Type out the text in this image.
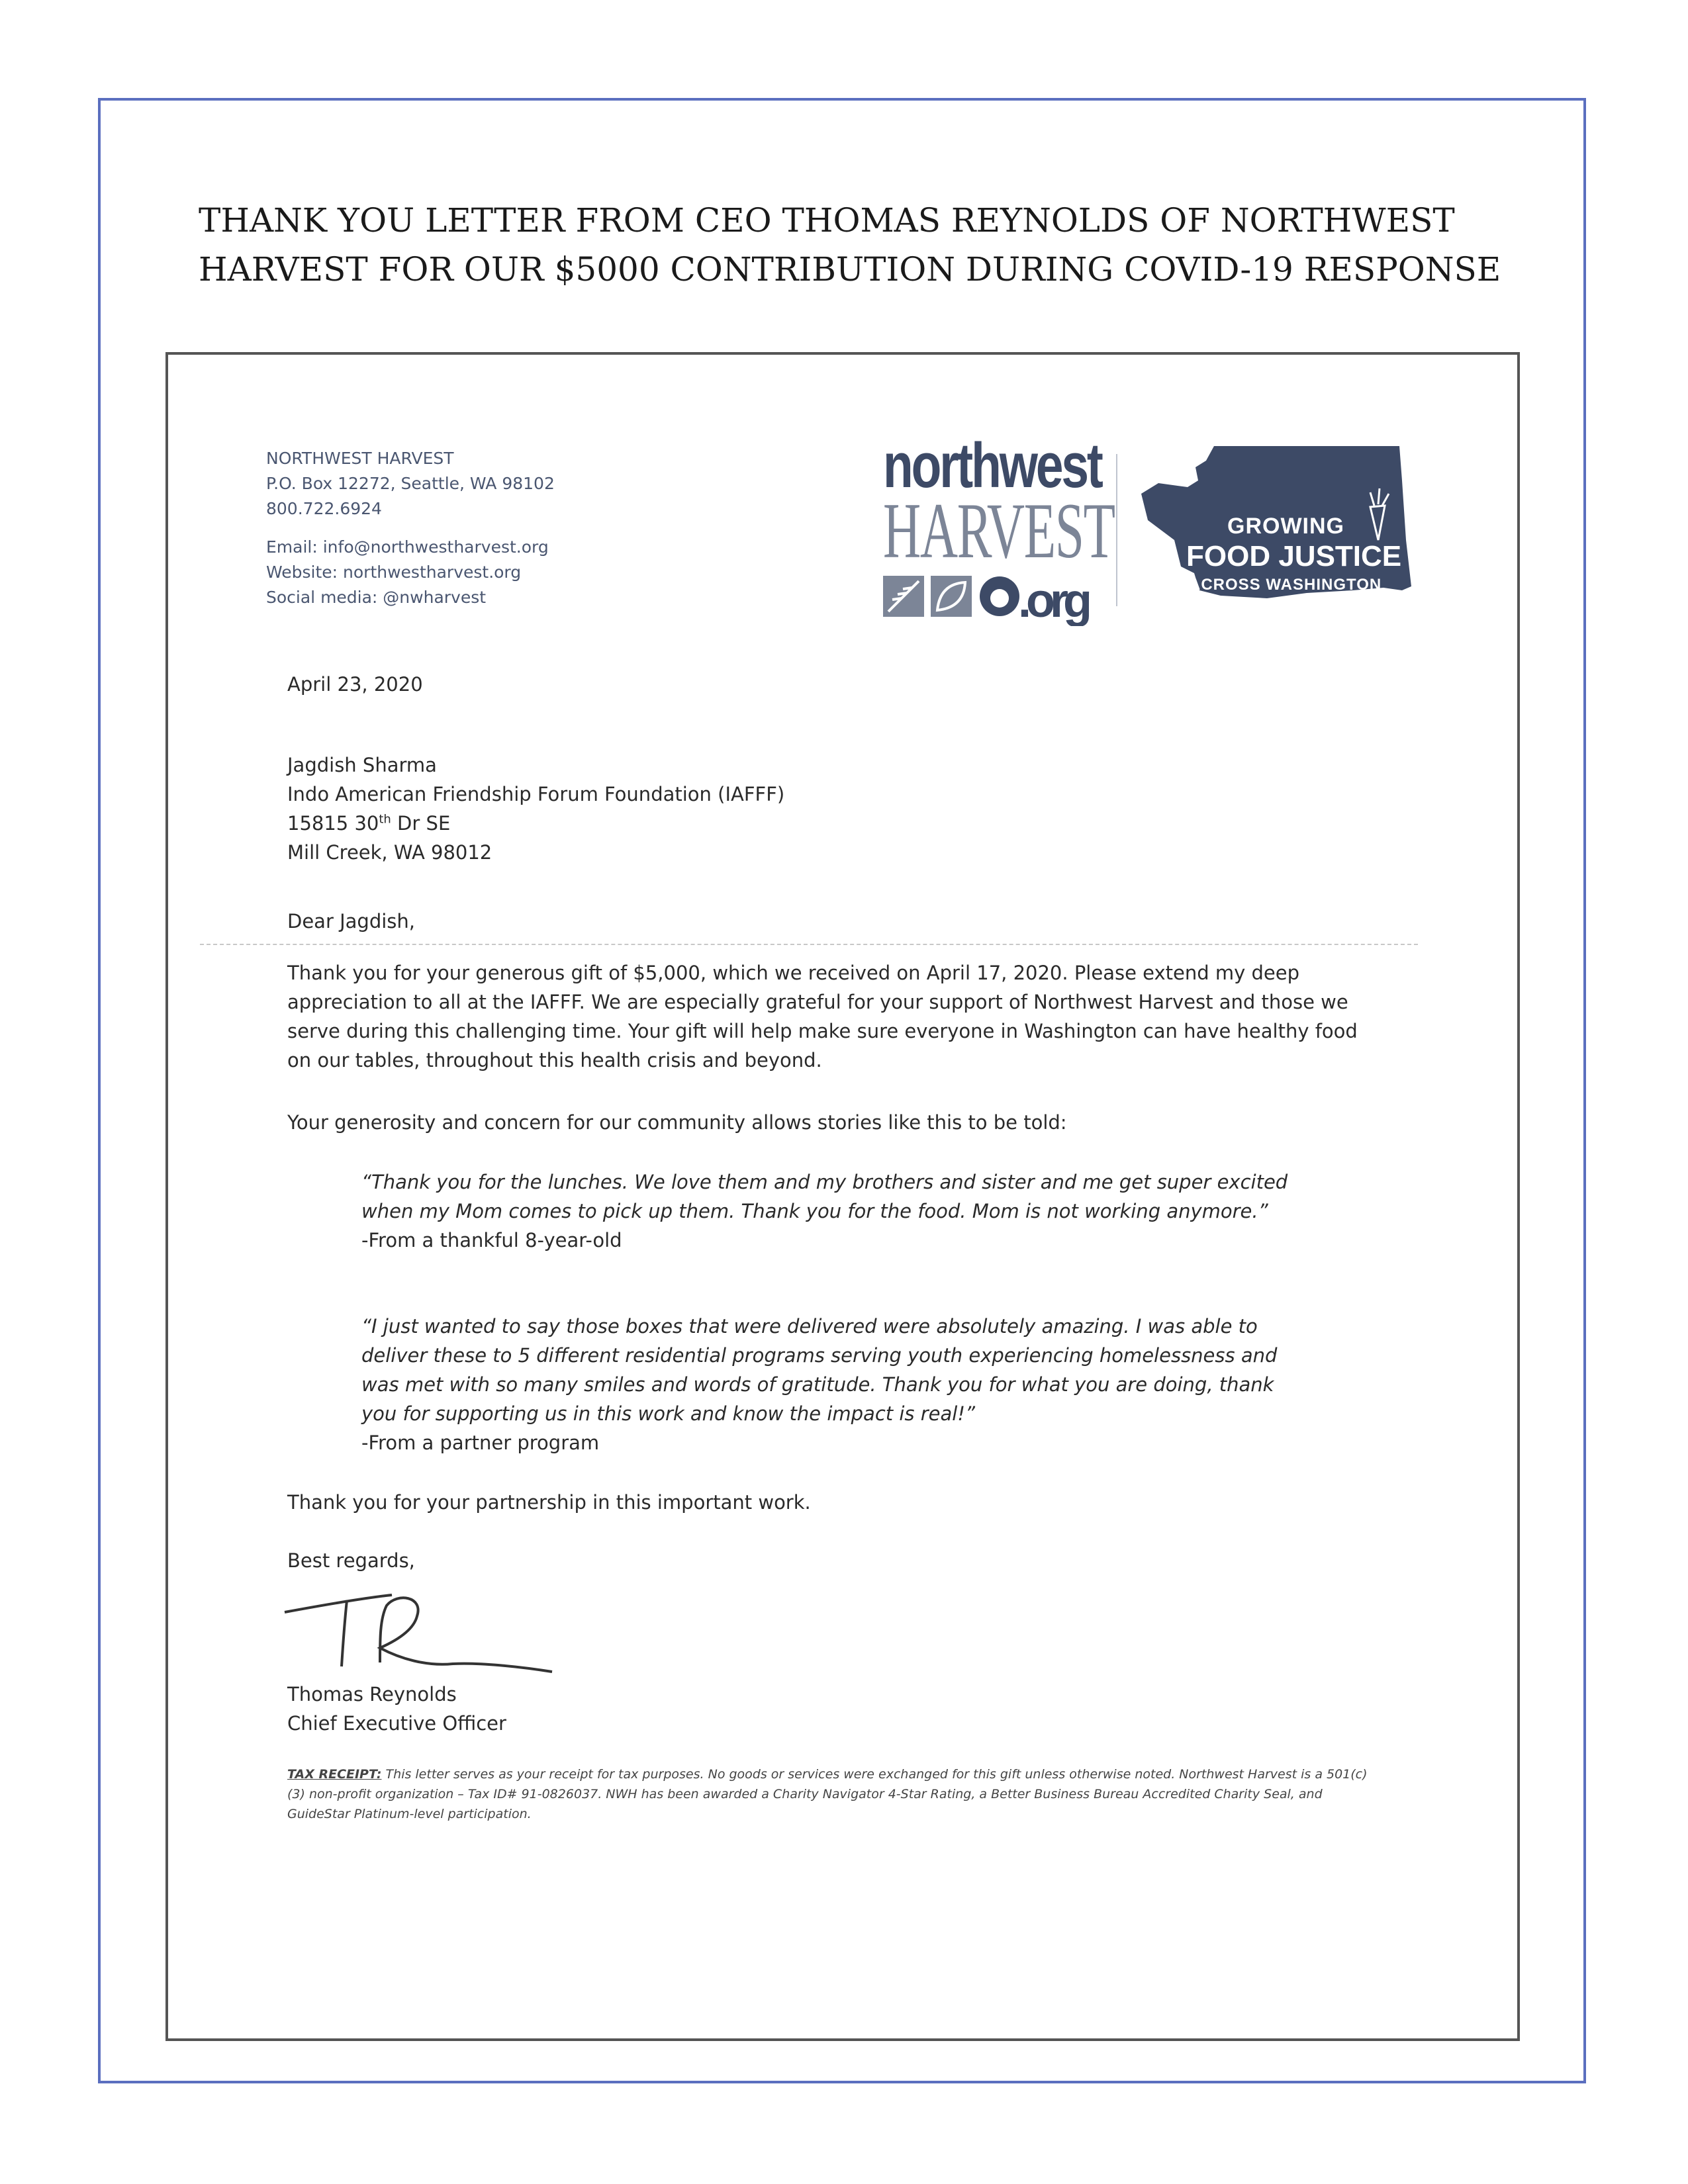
THANK YOU LETTER FROM CEO THOMAS REYNOLDS OF NORTHWEST
HARVEST FOR OUR $5000 CONTRIBUTION DURING COVID-19 RESPONSE
NORTHWEST HARVEST
P.O. Box 12272, Seattle, WA 98102
800.722.6924
Email: info@northwestharvest.org
Website: northwestharvest.org
Social media: @nwharvest
northwest
HARVEST
.org
GROWING
FOOD JUSTICE
ACROSS WASHINGTON
April 23, 2020
Jagdish Sharma
Indo American Friendship Forum Foundation (IAFFF)
15815 30th Dr SE
Mill Creek, WA 98012
Dear Jagdish,
Thank you for your generous gift of $5,000, which we received on April 17, 2020. Please extend my deep appreciation to all at the IAFFF. We are especially grateful for your support of Northwest Harvest and those we serve during this challenging time. Your gift will help make sure everyone in Washington can have healthy food on our tables, throughout this health crisis and beyond.
Your generosity and concern for our community allows stories like this to be told:
“Thank you for the lunches. We love them and my brothers and sister and me get super excited when my Mom comes to pick up them. Thank you for the food. Mom is not working anymore.”
-From a thankful 8-year-old
“I just wanted to say those boxes that were delivered were absolutely amazing. I was able to deliver these to 5 different residential programs serving youth experiencing homelessness and was met with so many smiles and words of gratitude. Thank you for what you are doing, thank you for supporting us in this work and know the impact is real!”
-From a partner program
Thank you for your partnership in this important work.
Best regards,
Thomas Reynolds
Chief Executive Officer
TAX RECEIPT: This letter serves as your receipt for tax purposes. No goods or services were exchanged for this gift unless otherwise noted. Northwest Harvest is a 501(c)(3) non-profit organization – Tax ID# 91-0826037. NWH has been awarded a Charity Navigator 4-Star Rating, a Better Business Bureau Accredited Charity Seal, and GuideStar Platinum-level participation.
